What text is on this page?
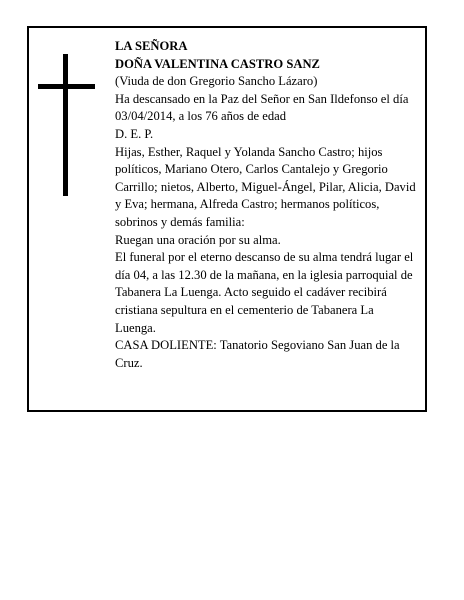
LA SEÑORA

DOÑA VALENTINA CASTRO SANZ

(Viuda de don Gregorio Sancho Lázaro)

Ha descansado en la Paz del Señor en San Ildefonso el día 03/04/2014, a los 76 años de edad

D. E. P.

Hijas, Esther, Raquel y Yolanda Sancho Castro; hijos políticos, Mariano Otero, Carlos Cantalejo y Gregorio Carrillo; nietos, Alberto, Miguel-Ángel, Pilar, Alicia, David y Eva; hermana, Alfreda Castro; hermanos políticos, sobrinos y demás familia:

Ruegan una oración por su alma.

El funeral por el eterno descanso de su alma tendrá lugar el día 04, a las 12.30 de la mañana, en la iglesia parroquial de Tabanera La Luenga. Acto seguido el cadáver recibirá cristiana sepultura en el cementerio de Tabanera La Luenga.

CASA DOLIENTE: Tanatorio Segoviano San Juan de la Cruz.
